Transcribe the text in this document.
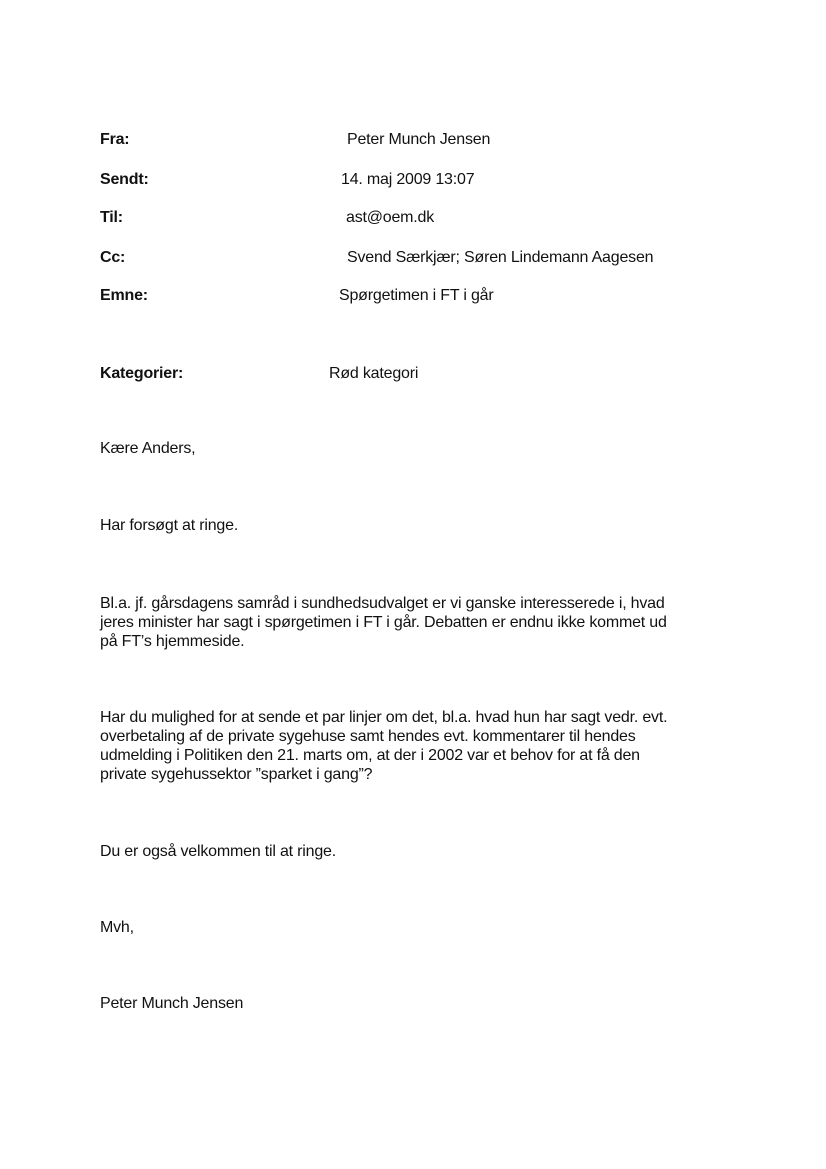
Fra:	Peter Munch Jensen
Sendt:	14. maj 2009 13:07
Til:	ast@oem.dk
Cc:	Svend Særkjær; Søren Lindemann Aagesen
Emne:	Spørgetimen i FT i går
Kategorier:	Rød kategori

Kære Anders,

Har forsøgt at ringe.

Bl.a. jf. gårsdagens samråd i sundhedsudvalget er vi ganske interesserede i, hvad
jeres minister har sagt i spørgetimen i FT i går. Debatten er endnu ikke kommet ud
på FT’s hjemmeside.

Har du mulighed for at sende et par linjer om det, bl.a. hvad hun har sagt vedr. evt.
overbetaling af de private sygehuse samt hendes evt. kommentarer til hendes
udmelding i Politiken den 21. marts om, at der i 2002 var et behov for at få den
private sygehussektor ”sparket i gang”?

Du er også velkommen til at ringe.

Mvh,

Peter Munch Jensen
